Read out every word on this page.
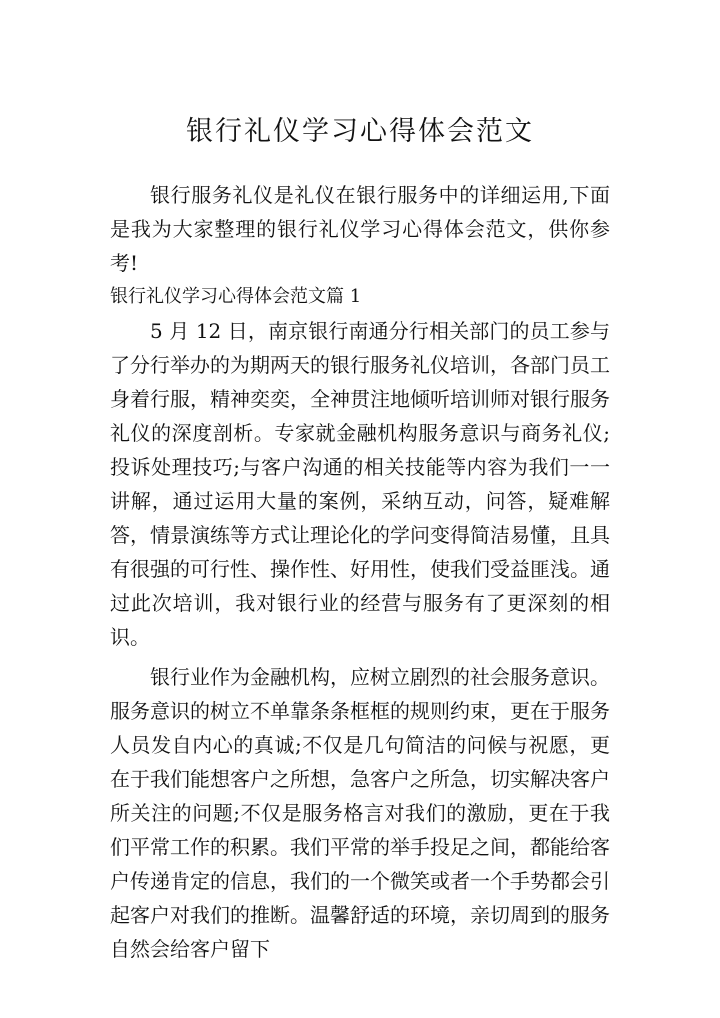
银行礼仪学习心得体会范文

银行服务礼仪是礼仪在银行服务中的详细运用,下面是我为大家整理的银行礼仪学习心得体会范文，供你参考!

银行礼仪学习心得体会范文篇 1

5 月 12 日，南京银行南通分行相关部门的员工参与了分行举办的为期两天的银行服务礼仪培训，各部门员工身着行服，精神奕奕，全神贯注地倾听培训师对银行服务礼仪的深度剖析。专家就金融机构服务意识与商务礼仪;投诉处理技巧;与客户沟通的相关技能等内容为我们一一讲解，通过运用大量的案例，采纳互动，问答，疑难解答，情景演练等方式让理论化的学问变得简洁易懂，且具有很强的可行性、操作性、好用性，使我们受益匪浅。通过此次培训，我对银行业的经营与服务有了更深刻的相识。

银行业作为金融机构，应树立剧烈的社会服务意识。服务意识的树立不单靠条条框框的规则约束，更在于服务人员发自内心的真诚;不仅是几句简洁的问候与祝愿，更在于我们能想客户之所想，急客户之所急，切实解决客户所关注的问题;不仅是服务格言对我们的激励，更在于我们平常工作的积累。我们平常的举手投足之间，都能给客户传递肯定的信息，我们的一个微笑或者一个手势都会引起客户对我们的推断。温馨舒适的环境，亲切周到的服务自然会给客户留下
